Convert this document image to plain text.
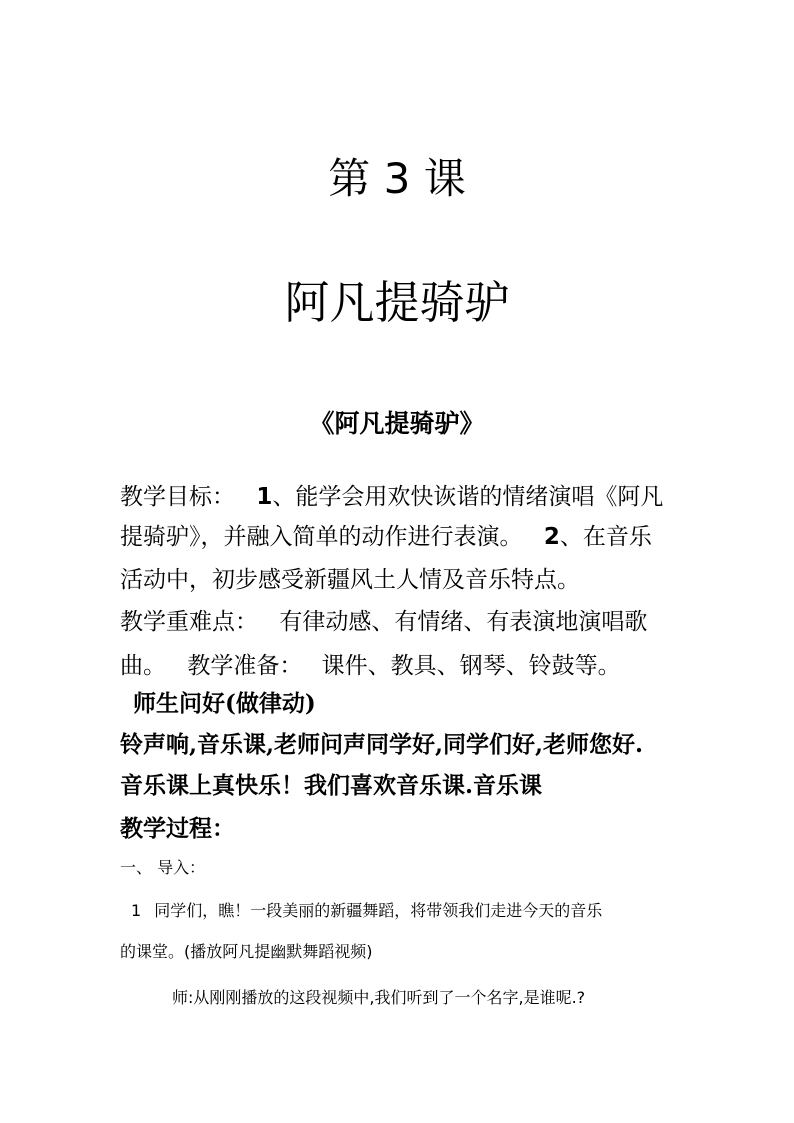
第 3 课
阿凡提骑驴
《阿凡提骑驴》
教学目标： 1、能学会用欢快诙谐的情绪演唱《阿凡
提骑驴》，并融入简单的动作进行表演。 2、在音乐
活动中，初步感受新疆风土人情及音乐特点。
教学重难点： 有律动感、有情绪、有表演地演唱歌
曲。 教学准备： 课件、教具、钢琴、铃鼓等。
师生问好(做律动)
铃声响,音乐课,老师问声同学好,同学们好,老师您好.
音乐课上真快乐！我们喜欢音乐课.音乐课
教学过程：
一、 导入：
1 同学们，瞧！一段美丽的新疆舞蹈，将带领我们走进今天的音乐
的课堂。(播放阿凡提幽默舞蹈视频)
师:从刚刚播放的这段视频中,我们听到了一个名字,是谁呢.?
